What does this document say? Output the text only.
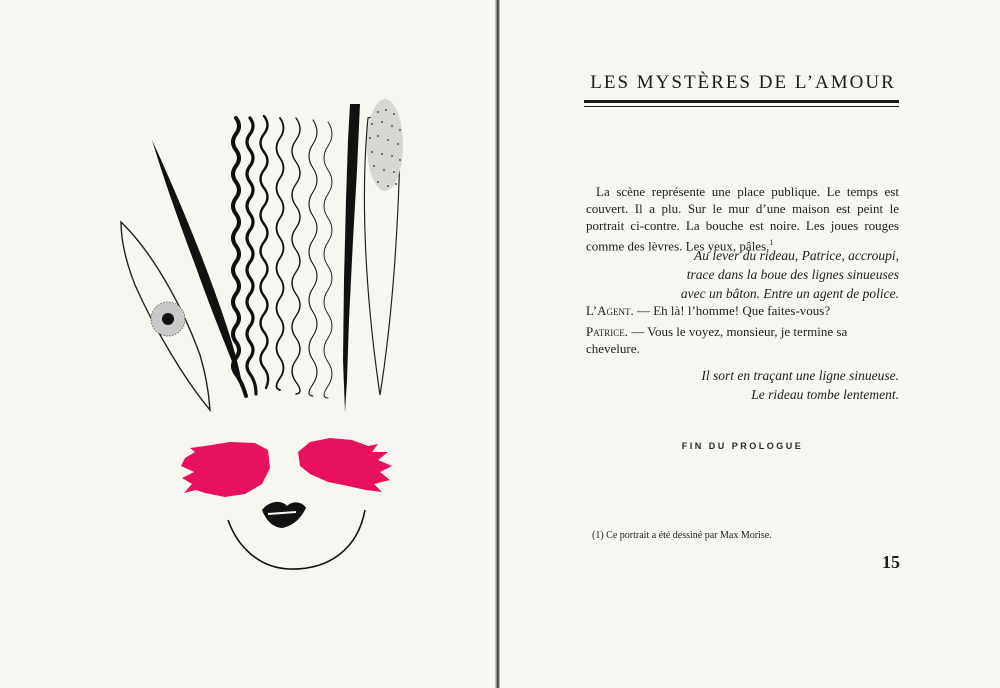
LES MYSTÈRES DE L’AMOUR
La scène représente une place publique. Le temps est couvert. Il a plu. Sur le mur d’une maison est peint le portrait ci-contre. La bouche est noire. Les joues rouges comme des lèvres. Les yeux, pâles.$^1$
Au lever du rideau, Patrice, accroupi,
trace dans la boue des lignes sinueuses
avec un bâton. Entre un agent de police.
L’Agent. — Eh là! l’homme! Que faites-vous?
Patrice. — Vous le voyez, monsieur, je termine sa chevelure.
Il sort en traçant une ligne sinueuse.
Le rideau tombe lentement.
FIN DU PROLOGUE
(1) Ce portrait a été dessiné par Max Morise.
15
